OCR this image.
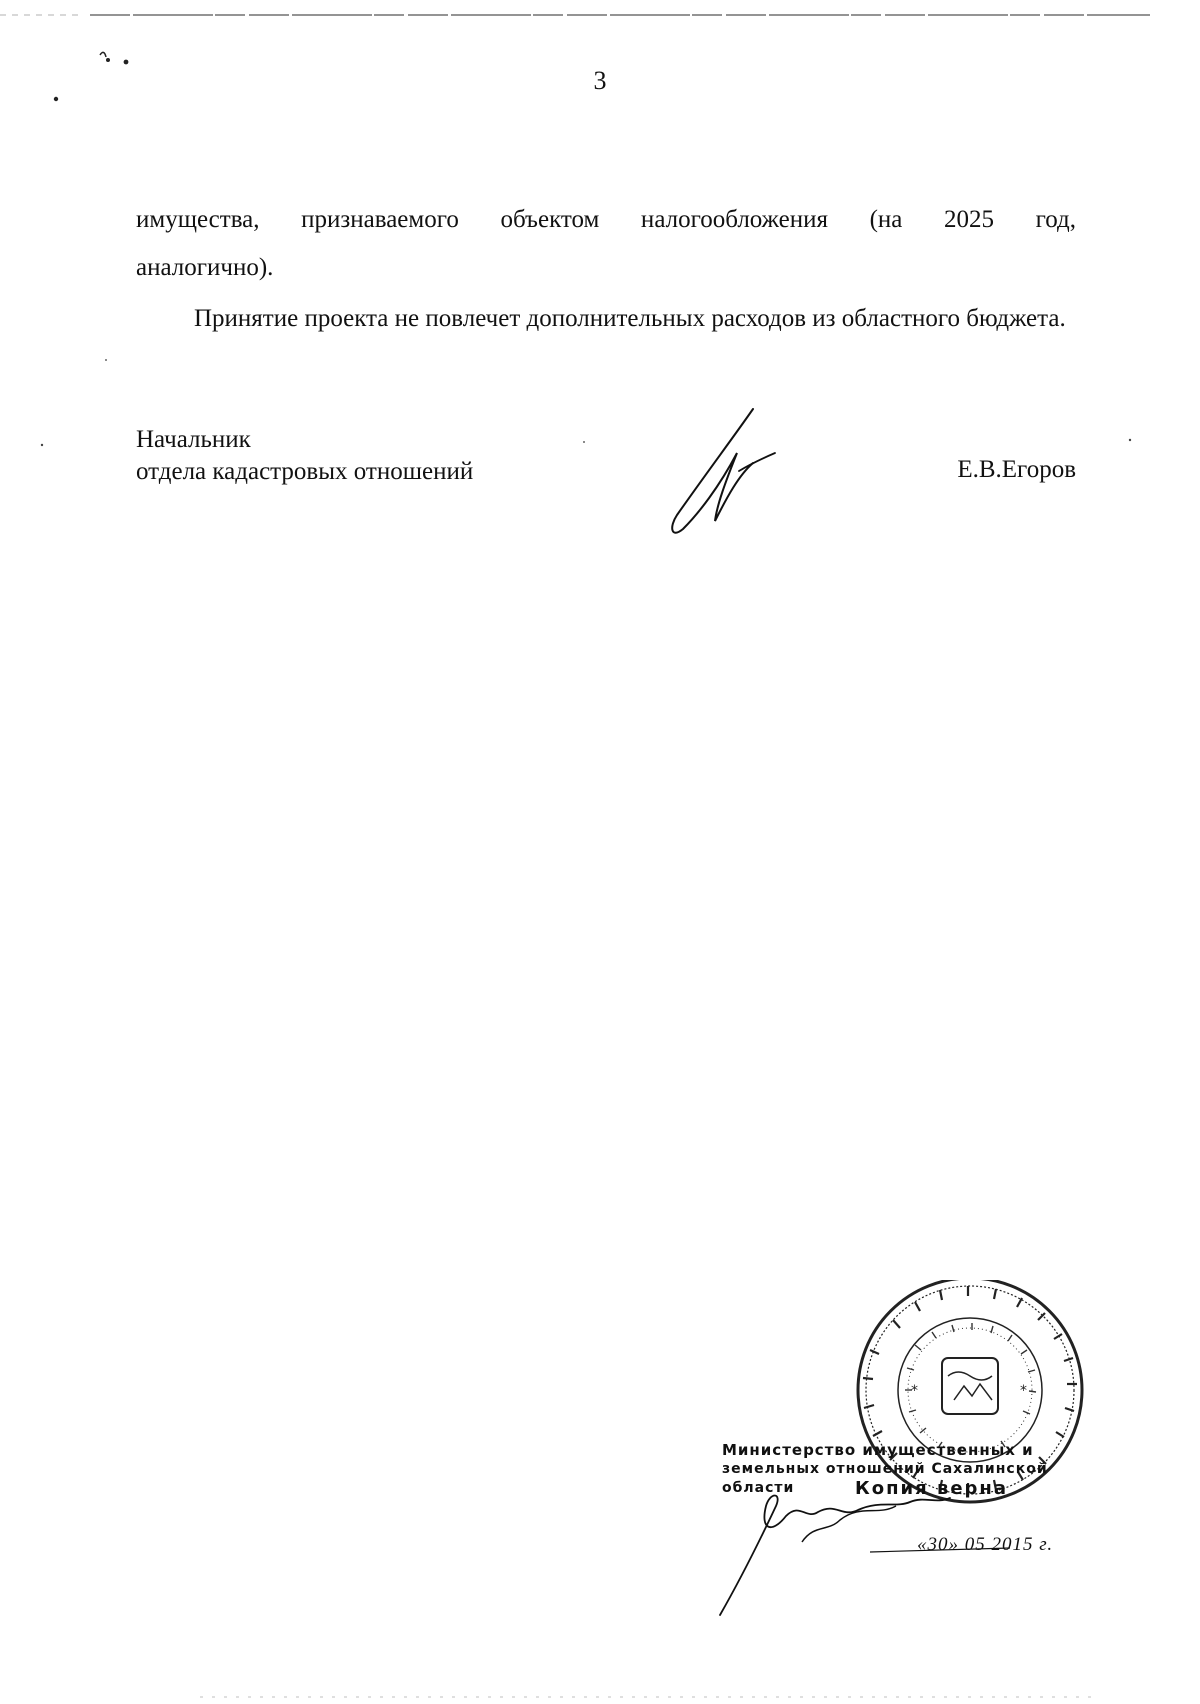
3

имущества, признаваемого объектом налогообложения (на 2025 год,
аналогично).

Принятие проекта не повлечет дополнительных расходов из областного бюджета.

Начальник
отдела кадастровых отношений	Е.В.Егоров
*	*
Министерство имущественных и
земельных отношений Сахалинской
области	Копия верна
«30» 05 2015 г.
